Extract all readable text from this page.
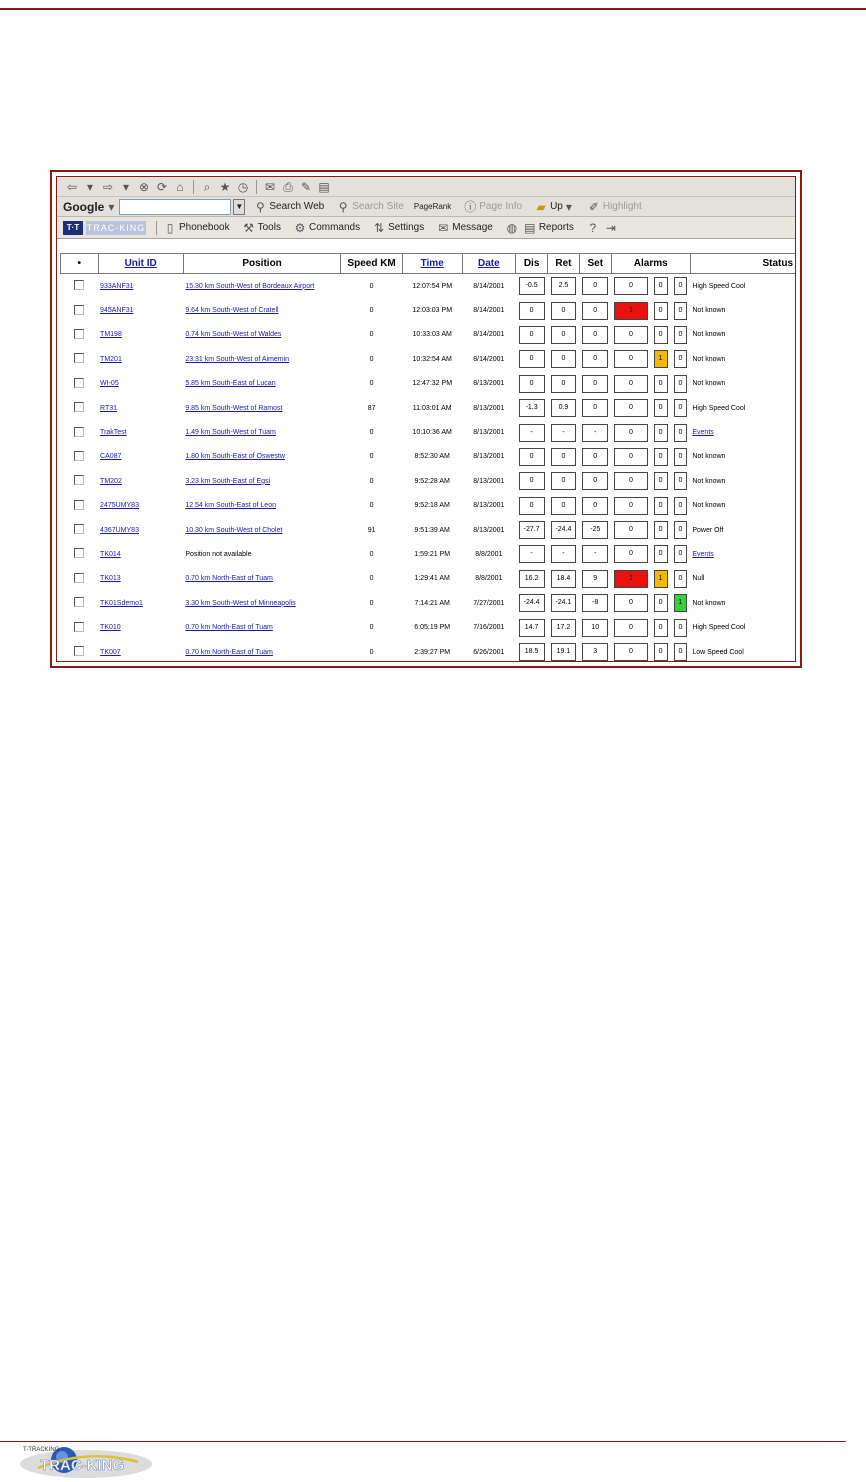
⇦ ▾ ⇨ ▾ ⊗ ⟳ ⌂	⌕ ★ ◷ ✉ ⎙ ✎ ▤
Google ▾	▼ ⚲ Search Web ⚲ Search Site PageRank ⓘ Page Info ▰ Up ▾ ✐ Highlight
T·T TRAC-KING	▯ Phonebook ⚒ Tools ⚙ Commands ⇅ Settings ✉ Message ◍ ▤ Reports	? ⇥
•	Unit ID	Position	Speed KM	Time	Date	Dis	Ret	Set	Alarms			Status
	933ANF31	15.30 km South-West of Bordeaux Airport	0	12:07:54 PM	8/14/2001	-0.5	2.5	0	0	0	0	High Speed Cool
	945ANF31	9.64 km South-West of Cratell	0	12:03:03 PM	8/14/2001	0	0	0	1	0	0	Not known
	TM198	0.74 km South-West of Waldes	0	10:33:03 AM	8/14/2001	0	0	0	0	0	0	Not known
	TM201	23.31 km South-West of Aimemin	0	10:32:54 AM	8/14/2001	0	0	0	0	1	0	Not known
	WI-05	5.85 km South-East of Lucan	0	12:47:32 PM	8/13/2001	0	0	0	0	0	0	Not known
	RT31	9.85 km South-West of Ramost	87	11:03:01 AM	8/13/2001	-1.3	0.9	0	0	0	0	High Speed Cool
	TrakTest	1.49 km South-West of Tuam	0	10:10:36 AM	8/13/2001	-	-	-	0	0	0	Events
	CA087	1.80 km South-East of Oswestw	0	8:52:30 AM	8/13/2001	0	0	0	0	0	0	Not known
	TM202	3.23 km South-East of Egsi	0	9:52:28 AM	8/13/2001	0	0	0	0	0	0	Not known
	2475UMY83	12.54 km South-East of Leon	0	9:52:18 AM	8/13/2001	0	0	0	0	0	0	Not known
	4367UMY83	10.30 km South-West of Cholet	91	9:51:39 AM	8/13/2001	-27.7	-24.4	-25	0	0	0	Power Off
	TK014	Position not available	0	1:59:21 PM	8/8/2001	-	-	-	0	0	0	Events
	TK013	0.70 km North-East of Tuam	0	1:29:41 AM	8/8/2001	16.2	18.4	9	1	1	0	Null
	TK01Sdemo1	3.30 km South-West of Minneapolis	0	7:14:21 AM	7/27/2001	-24.4	-24.1	-8	0	0	1	Not known
	TK010	0.70 km North-East of Tuam	0	6:05:19 PM	7/16/2001	14.7	17.2	10	0	0	0	High Speed Cool
	TK007	0.70 km North-East of Tuam	0	2:39:27 PM	6/26/2001	18.5	19.1	3	0	0	0	Low Speed Cool
T-TRACKING
TRAC-KING
